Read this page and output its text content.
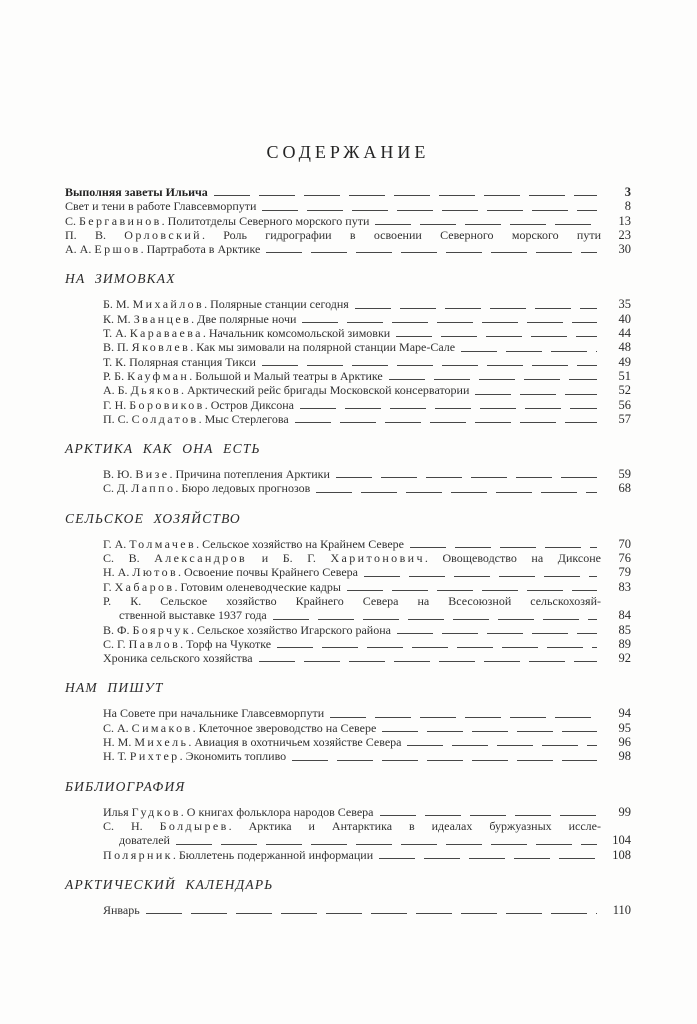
СОДЕРЖАНИЕ
Выполняя заветы Ильича	3
Свет и тени в работе Главсевморпути	8
С. Бергавинов. Политотделы Северного морского пути	13
П. В. Орловский. Роль гидрографии в освоении Северного морского пути	23
А. А. Ершов. Партработа в Арктике	30
НА ЗИМОВКАХ
Б. М. Михайлов. Полярные станции сегодня	35
К. М. Званцев. Две полярные ночи	40
Т. А. Караваева. Начальник комсомольской зимовки	44
В. П. Яковлев. Как мы зимовали на полярной станции Маре-Сале	48
Т. К. Полярная станция Тикси	49
Р. Б. Кауфман. Большой и Малый театры в Арктике	51
А. Б. Дьяков. Арктический рейс бригады Московской консерватории	52
Г. Н. Боровиков. Остров Диксона	56
П. С. Солдатов. Мыс Стерлегова	57
АРКТИКА КАК ОНА ЕСТЬ
В. Ю. Визе. Причина потепления Арктики	59
С. Д. Лаппо. Бюро ледовых прогнозов	68
СЕЛЬСКОЕ ХОЗЯЙСТВО
Г. А. Толмачев. Сельское хозяйство на Крайнем Севере	70
С. В. Александров и Б. Г. Харитонович. Овощеводство на Диксоне	76
Н. А. Лютов. Освоение почвы Крайнего Севера	79
Г. Хабаров. Готовим оленеводческие кадры	83
Р. К. Сельское хозяйство Крайнего Севера на Всесоюзной сельскохозяй-
ственной выставке 1937 года	84
В. Ф. Боярчук. Сельское хозяйство Игарского района	85
С. Г. Павлов. Торф на Чукотке	89
Хроника сельского хозяйства	92
НАМ ПИШУТ
На Совете при начальнике Главсевморпути	94
С. А. Симаков. Клеточное звероводство на Севере	95
Н. М. Михель. Авиация в охотничьем хозяйстве Севера	96
Н. Т. Рихтер. Экономить топливо	98
БИБЛИОГРАФИЯ
Илья Гудков. О книгах фольклора народов Севера	99
С. Н. Болдырев. Арктика и Антарктика в идеалах буржуазных иссле-
дователей	104
Полярник. Бюллетень подержанной информации	108
АРКТИЧЕСКИЙ КАЛЕНДАРЬ
Январь	110
